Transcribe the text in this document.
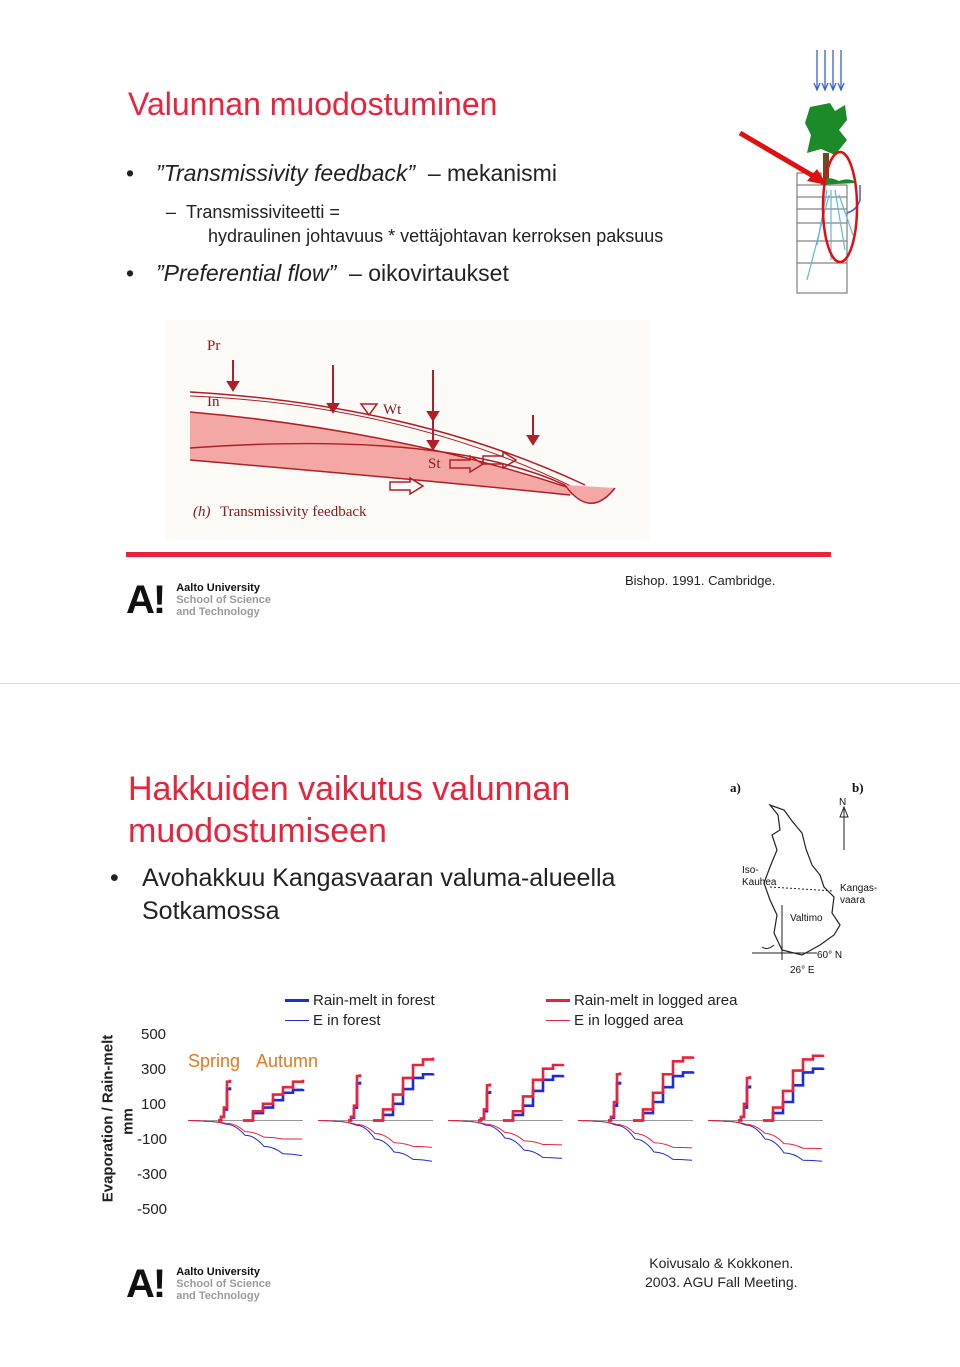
Valunnan muodostuminen
• ”Transmissivity feedback”  – mekanismi
–  Transmissiviteetti =
hydraulinen johtavuus * vettäjohtavan kerroksen paksuus
• ”Preferential flow”  – oikovirtaukset
Pr
In	Wt
St
(h) Transmissivity feedback
A! Aalto University
School of Science
and Technology
Bishop. 1991. Cambridge.
Hakkuiden vaikutus valunnan muodostumiseen
• Avohakkuu Kangasvaaran valuma-alueella Sotkamossa
a)	b)
N
Iso-Kauhea
Kangas-vaara
Valtimo
60° N
26° E
Evaporation / Rain-melt mm
500
300
100
-100
-300
-500
Spring Autumn
Rain-melt in forest
E in forest
Rain-melt in logged area
E in logged area
A! Aalto University
School of Science
and Technology
Koivusalo & Kokkonen.
2003. AGU Fall Meeting.
